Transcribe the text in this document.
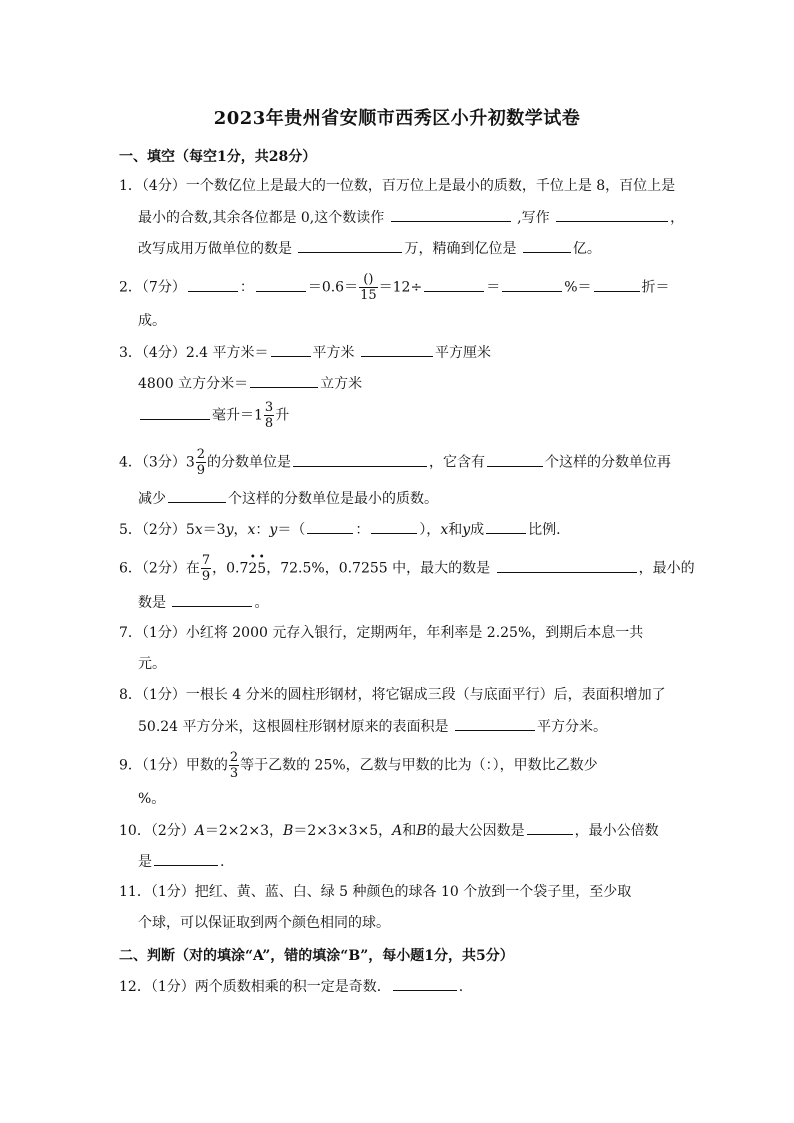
2023年贵州省安顺市西秀区小升初数学试卷
一、填空（每空1分，共28分）
1．（4分）一个数亿位上是最大的一位数，百万位上是最小的质数，千位上是 8，百位上是
最小的合数,其余各位都是 0,这个数读作	,写作	，
改写成用万做单位的数是	万，精确到亿位是	亿。
2．（7分）	：	$=0.6= \frac{()}{15} =12\div$	＝	%＝	折＝
成。
3．（4分）2.4 平方米＝	平方米	平方厘米
4800 立方分米＝	立方米
毫升$=1 \frac{3}{8}$ 升
4．（3分）$3 \frac{2}{9}$ 的分数单位是	，它含有	个这样的分数单位再
减少	个这样的分数单位是最小的质数。
5．（2分）5x＝3y，x：y＝（	：	），x和y成	比例.
6．（2分）在 $\frac{7}{9}$ ，0.7
•
2
•
5，72.5%，0.7255 中，最大的数是	，最小的
数是	。
7．（1分）小红将 2000 元存入银行，定期两年，年利率是 2.25%，到期后本息一共
元。
8．（1分）一根长 4 分米的圆柱形钢材，将它锯成三段（与底面平行）后，表面积增加了
50.24 平方分米，这根圆柱形钢材原来的表面积是	平方分米。
9．（1分）甲数的 $\frac{2}{3}$ 等于乙数的 25%，乙数与甲数的比为（：），甲数比乙数少
%。
10．（2分）A＝2×2×3，B＝2×3×3×5，A和B的最大公因数是	，最小公倍数
是	.
11．（1分）把红、黄、蓝、白、绿 5 种颜色的球各 10 个放到一个袋子里，至少取
个球，可以保证取到两个颜色相同的球。
二、判断（对的填涂“A”，错的填涂“B”，每小题1分，共5分）
12．（1分）两个质数相乘的积一定是奇数．	.
